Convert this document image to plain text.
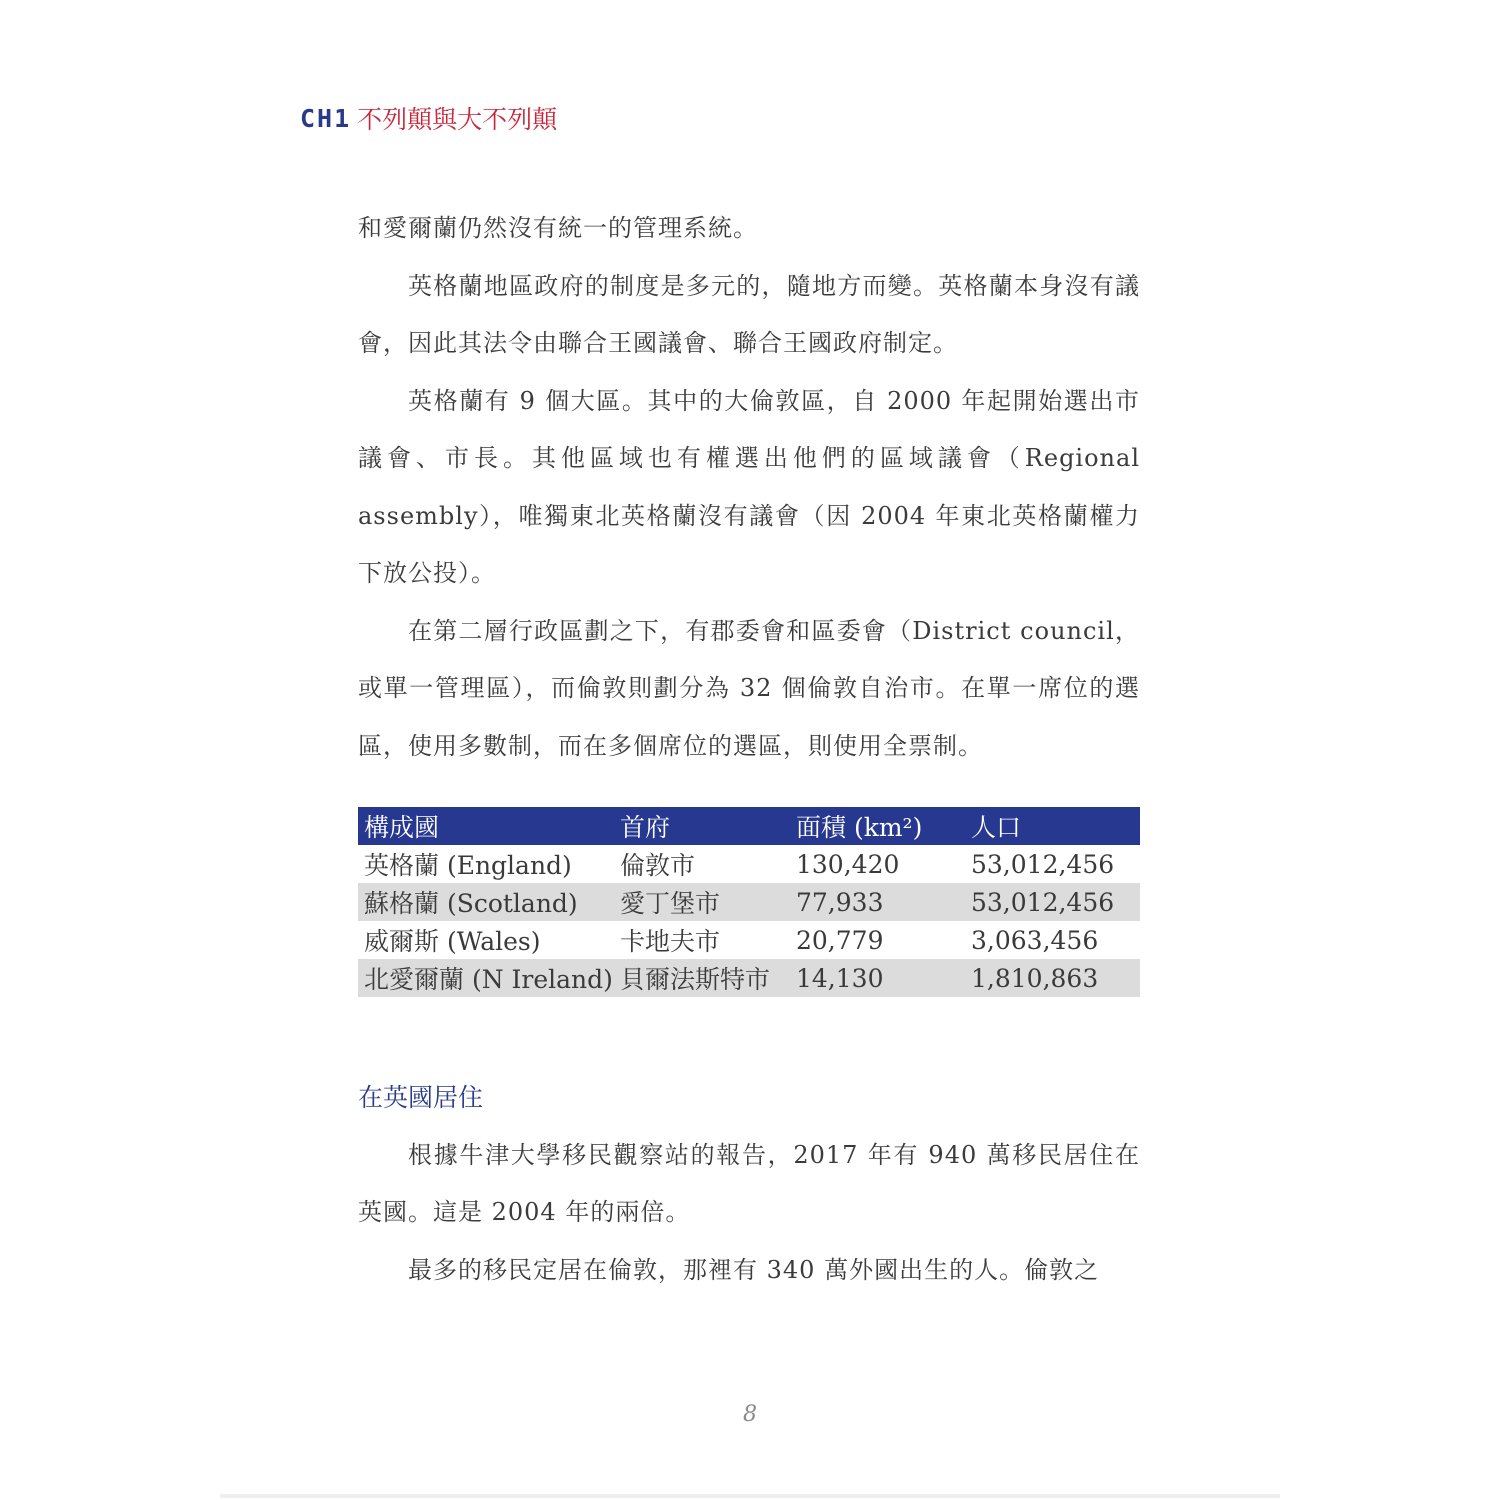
CH1 不列顛與大不列顛

和愛爾蘭仍然沒有統一的管理系統。

英格蘭地區政府的制度是多元的，隨地方而變。英格蘭本身沒有議會，因此其法令由聯合王國議會、聯合王國政府制定。

英格蘭有 9 個大區。其中的大倫敦區，自 2000 年起開始選出市議會、市長。其他區域也有權選出他們的區域議會（Regional assembly），唯獨東北英格蘭沒有議會（因 2004 年東北英格蘭權力下放公投）。

在第二層行政區劃之下，有郡委會和區委會（District council，或單一管理區），而倫敦則劃分為 32 個倫敦自治市。在單一席位的選區，使用多數制，而在多個席位的選區，則使用全票制。

構成國	首府	面積 (km²)	人口
英格蘭 (England)	倫敦市	130,420	53,012,456
蘇格蘭 (Scotland)	愛丁堡市	77,933	53,012,456
威爾斯 (Wales)	卡地夫市	20,779	3,063,456
北愛爾蘭 (N Ireland)	貝爾法斯特市	14,130	1,810,863
在英國居住

根據牛津大學移民觀察站的報告，2017 年有 940 萬移民居住在英國。這是 2004 年的兩倍。

最多的移民定居在倫敦，那裡有 340 萬外國出生的人。倫敦之

8
